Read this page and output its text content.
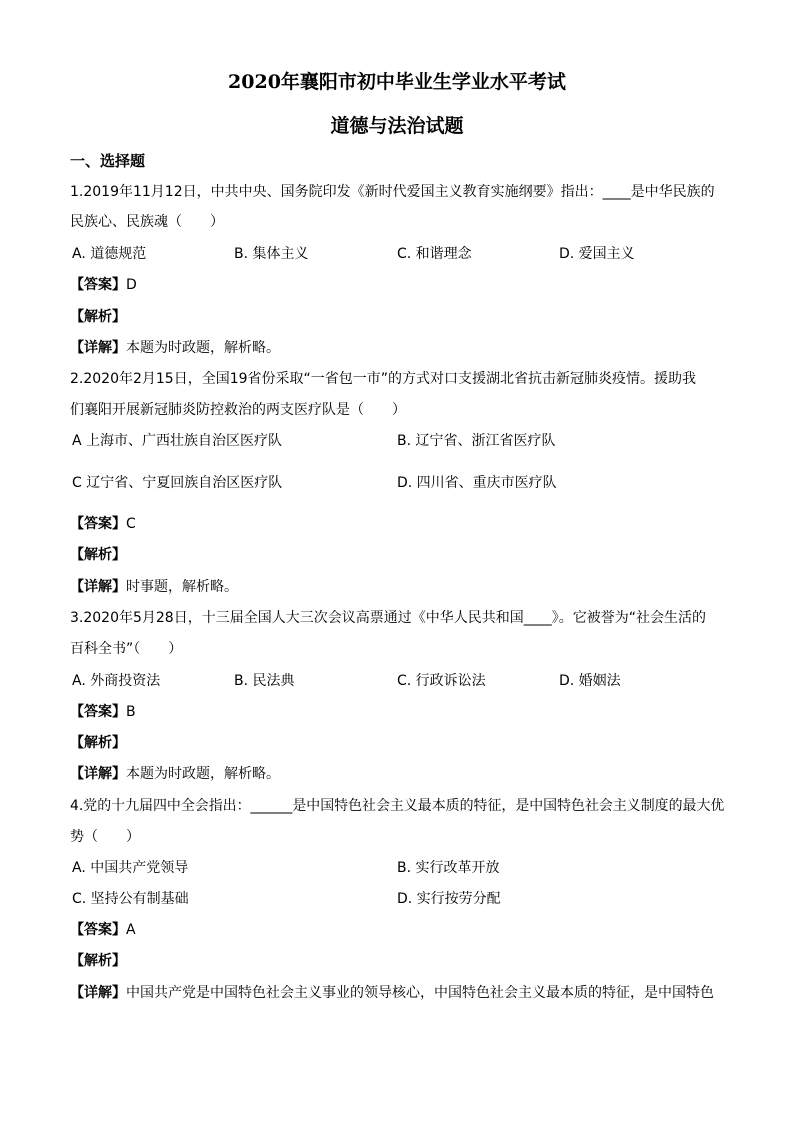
2020年襄阳市初中毕业生学业水平考试
道德与法治试题
一、选择题
1.2019年11月12日，中共中央、国务院印发《新时代爱国主义教育实施纲要》指出：____是中华民族的
民族心、民族魂（　　）
A. 道德规范	B. 集体主义	C. 和谐理念	D. 爱国主义
【答案】D
【解析】
【详解】本题为时政题，解析略。
2.2020年2月15日，全国19省份采取“一省包一市”的方式对口支援湖北省抗击新冠肺炎疫情。援助我
们襄阳开展新冠肺炎防控救治的两支医疗队是（　　）
A 上海市、广西壮族自治区医疗队	B. 辽宁省、浙江省医疗队
C 辽宁省、宁夏回族自治区医疗队	D. 四川省、重庆市医疗队
【答案】C
【解析】
【详解】时事题，解析略。
3.2020年5月28日，十三届全国人大三次会议高票通过《中华人民共和国____》。它被誉为“社会生活的
百科全书”（　　）
A. 外商投资法	B. 民法典	C. 行政诉讼法	D. 婚姻法
【答案】B
【解析】
【详解】本题为时政题，解析略。
4.党的十九届四中全会指出：______是中国特色社会主义最本质的特征，是中国特色社会主义制度的最大优
势（　　）
A. 中国共产党领导	B. 实行改革开放
C. 坚持公有制基础	D. 实行按劳分配
【答案】A
【解析】
【详解】中国共产党是中国特色社会主义事业的领导核心，中国特色社会主义最本质的特征，是中国特色
